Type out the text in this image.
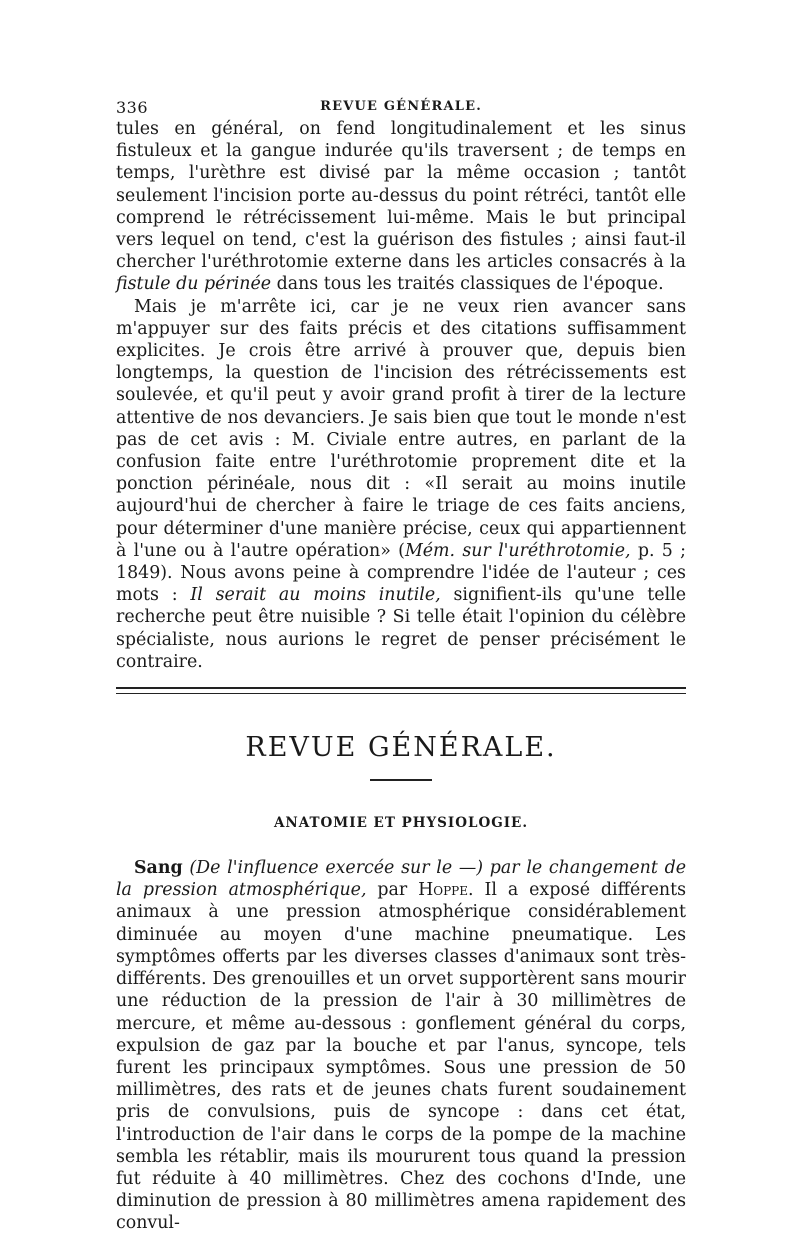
336	REVUE GÉNÉRALE.

tules en général, on fend longitudinalement et les sinus fistuleux et la gangue indurée qu'ils traversent ; de temps en temps, l'urèthre est divisé par la même occasion ; tantôt seulement l'incision porte au-dessus du point rétréci, tantôt elle comprend le rétrécissement lui-même. Mais le but principal vers lequel on tend, c'est la guérison des fistules ; ainsi faut-il chercher l'uréthrotomie externe dans les articles consacrés à la fistule du périnée dans tous les traités classiques de l'époque.

Mais je m'arrête ici, car je ne veux rien avancer sans m'appuyer sur des faits précis et des citations suffisamment explicites. Je crois être arrivé à prouver que, depuis bien longtemps, la question de l'incision des rétrécissements est soulevée, et qu'il peut y avoir grand profit à tirer de la lecture attentive de nos devanciers. Je sais bien que tout le monde n'est pas de cet avis : M. Civiale entre autres, en parlant de la confusion faite entre l'uréthrotomie proprement dite et la ponction périnéale, nous dit : «Il serait au moins inutile aujourd'hui de chercher à faire le triage de ces faits anciens, pour déterminer d'une manière précise, ceux qui appartiennent à l'une ou à l'autre opération» (Mém. sur l'uréthrotomie, p. 5 ; 1849). Nous avons peine à comprendre l'idée de l'auteur ; ces mots : Il serait au moins inutile, signifient-ils qu'une telle recherche peut être nuisible ? Si telle était l'opinion du célèbre spécialiste, nous aurions le regret de penser précisément le contraire.

REVUE GÉNÉRALE.
ANATOMIE ET PHYSIOLOGIE.

Sang (De l'influence exercée sur le —) par le changement de la pression atmosphérique, par Hoppe. Il a exposé différents animaux à une pression atmosphérique considérablement diminuée au moyen d'une machine pneumatique. Les symptômes offerts par les diverses classes d'animaux sont très-différents. Des grenouilles et un orvet supportèrent sans mourir une réduction de la pression de l'air à 30 millimètres de mercure, et même au-dessous : gonflement général du corps, expulsion de gaz par la bouche et par l'anus, syncope, tels furent les principaux symptômes. Sous une pression de 50 millimètres, des rats et de jeunes chats furent soudainement pris de convulsions, puis de syncope : dans cet état, l'introduction de l'air dans le corps de la pompe de la machine sembla les rétablir, mais ils moururent tous quand la pression fut réduite à 40 millimètres. Chez des cochons d'Inde, une diminution de pression à 80 millimètres amena rapidement des convul-
